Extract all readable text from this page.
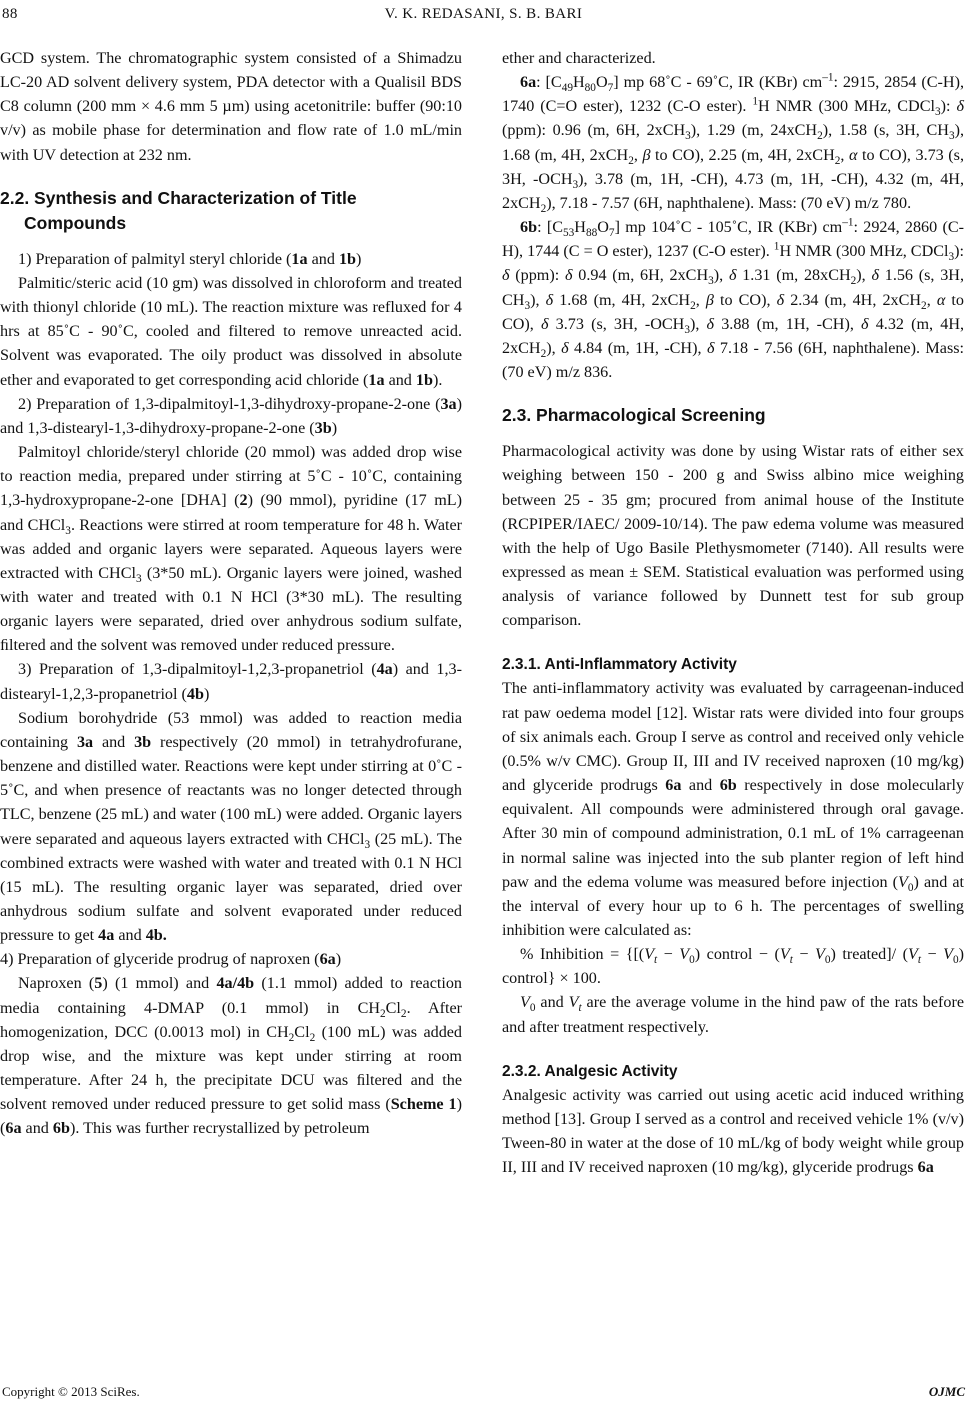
88	V. K. REDASANI, S. B. BARI

GCD system. The chromatographic system consisted of a Shimadzu LC-20 AD solvent delivery system, PDA detector with a Qualisil BDS C8 column (200 mm × 4.6 mm 5 µm) using acetonitrile: buffer (90:10 v/v) as mobile phase for determination and flow rate of 1.0 mL/min with UV detection at 232 nm.

2.2. Synthesis and Characterization of Title
Compounds

1) Preparation of palmityl steryl chloride (1a and 1b)

Palmitic/steric acid (10 gm) was dissolved in chloroform and treated with thionyl chloride (10 mL). The reaction mixture was refluxed for 4 hrs at 85˚C - 90˚C, cooled and filtered to remove unreacted acid. Solvent was evaporated. The oily product was dissolved in absolute ether and evaporated to get corresponding acid chloride (1a and 1b).

2) Preparation of 1,3-dipalmitoyl-1,3-dihydroxy-propane-2-one (3a) and 1,3-distearyl-1,3-dihydroxy-propane-2-one (3b)

Palmitoyl chloride/steryl chloride (20 mmol) was added drop wise to reaction media, prepared under stirring at 5˚C - 10˚C, containing 1,3-hydroxypropane-2-one [DHA] (2) (90 mmol), pyridine (17 mL) and CHCl$_3$. Reactions were stirred at room temperature for 48 h. Water was added and organic layers were separated. Aqueous layers were extracted with CHCl$_3$ (3*50 mL). Organic layers were joined, washed with water and treated with 0.1 N HCl (3*30 mL). The resulting organic layers were separated, dried over anhydrous sodium sulfate, ﬁltered and the solvent was removed under reduced pressure.

3) Preparation of 1,3-dipalmitoyl-1,2,3-propanetriol (4a) and 1,3-distearyl-1,2,3-propanetriol (4b)

Sodium borohydride (53 mmol) was added to reaction media containing 3a and 3b respectively (20 mmol) in tetrahydrofurane, benzene and distilled water. Reactions were kept under stirring at 0˚C - 5˚C, and when presence of reactants was no longer detected through TLC, benzene (25 mL) and water (100 mL) were added. Organic layers were separated and aqueous layers extracted with CHCl$_3$ (25 mL). The combined extracts were washed with water and treated with 0.1 N HCl (15 mL). The resulting organic layer was separated, dried over anhydrous sodium sulfate and solvent evaporated under reduced pressure to get 4a and 4b.

4) Preparation of glyceride prodrug of naproxen (6a)

Naproxen (5) (1 mmol) and 4a/4b (1.1 mmol) added to reaction media containing 4-DMAP (0.1 mmol) in $CH_2Cl_2$. After homogenization, DCC (0.0013 mol) in $CH_2Cl_2$ (100 mL) was added drop wise, and the mixture was kept under stirring at room temperature. After 24 h, the precipitate DCU was ﬁltered and the solvent removed under reduced pressure to get solid mass (Scheme 1) (6a and 6b). This was further recrystallized by petroleum

ether and characterized.

6a: $[C_{49}H_{80}O_7]$ mp 68˚C - 69˚C, IR (KBr) $cm^{-1}$: 2915, 2854 (C-H), 1740 (C=O ester), 1232 (C-O ester). $^1$H NMR (300 MHz, CDCl$_3$): δ (ppm): 0.96 (m, 6H, 2xCH$_3$), 1.29 (m, 24xCH$_2$), 1.58 (s, 3H, $CH_3$), 1.68 (m, 4H, 2xCH$_2$, β to CO), 2.25 (m, 4H, 2xCH$_2$, α to CO), 3.73 (s, 3H, $-OCH_3$), 3.78 (m, 1H, -CH), 4.73 (m, 1H, -CH), 4.32 (m, 4H, 2xCH$_2$), 7.18 - 7.57 (6H, naphthalene). Mass: (70 eV) m/z 780.

6b: $[C_{53}H_{88}O_7]$ mp 104˚C - 105˚C, IR (KBr) $cm^{-1}$: 2924, 2860 (C-H), 1744 (C = O ester), 1237 (C-O ester). $^1$H NMR (300 MHz, CDCl$_3$): δ (ppm): δ 0.94 (m, 6H, 2xCH$_3$), δ 1.31 (m, 28xCH$_2$), δ 1.56 (s, 3H, $CH_3$), δ 1.68 (m, 4H, 2xCH$_2$, β to CO), δ 2.34 (m, 4H, 2xCH$_2$, α to CO), δ 3.73 (s, 3H, $-OCH_3$), δ 3.88 (m, 1H, -CH), δ 4.32 (m, 4H, 2xCH$_2$), δ 4.84 (m, 1H, -CH), δ 7.18 - 7.56 (6H, naphthalene). Mass: (70 eV) m/z 836.

2.3. Pharmacological Screening

Pharmacological activity was done by using Wistar rats of either sex weighing between 150 - 200 g and Swiss albino mice weighing between 25 - 35 gm; procured from animal house of the Institute (RCPIPER/IAEC/ 2009-10/14). The paw edema volume was measured with the help of Ugo Basile Plethysmometer (7140). All results were expressed as mean ± SEM. Statistical evaluation was performed using analysis of variance followed by Dunnett test for sub group comparison.

2.3.1. Anti-Inflammatory Activity

The anti-inflammatory activity was evaluated by carrageenan-induced rat paw oedema model [12]. Wistar rats were divided into four groups of six animals each. Group I serve as control and received only vehicle (0.5% w/v CMC). Group II, III and IV received naproxen (10 mg/kg) and glyceride prodrugs 6a and 6b respectively in dose molecularly equivalent. All compounds were administered through oral gavage. After 30 min of compound administration, 0.1 mL of 1% carrageenan in normal saline was injected into the sub planter region of left hind paw and the edema volume was measured before injection $(V_0)$ and at the interval of every hour up to 6 h. The percentages of swelling inhibition were calculated as:

% Inhibition = {[$(V_t - V_0)$ control − $(V_t - V_0)$ treated]/ $(V_t - V_0)$ control} × 100.

$V_0$ and $V_t$ are the average volume in the hind paw of the rats before and after treatment respectively.

2.3.2. Analgesic Activity

Analgesic activity was carried out using acetic acid induced writhing method [13]. Group I served as a control and received vehicle 1% (v/v) Tween-80 in water at the dose of 10 mL/kg of body weight while group II, III and IV received naproxen (10 mg/kg), glyceride prodrugs 6a

Copyright © 2013 SciRes.	OJMC
